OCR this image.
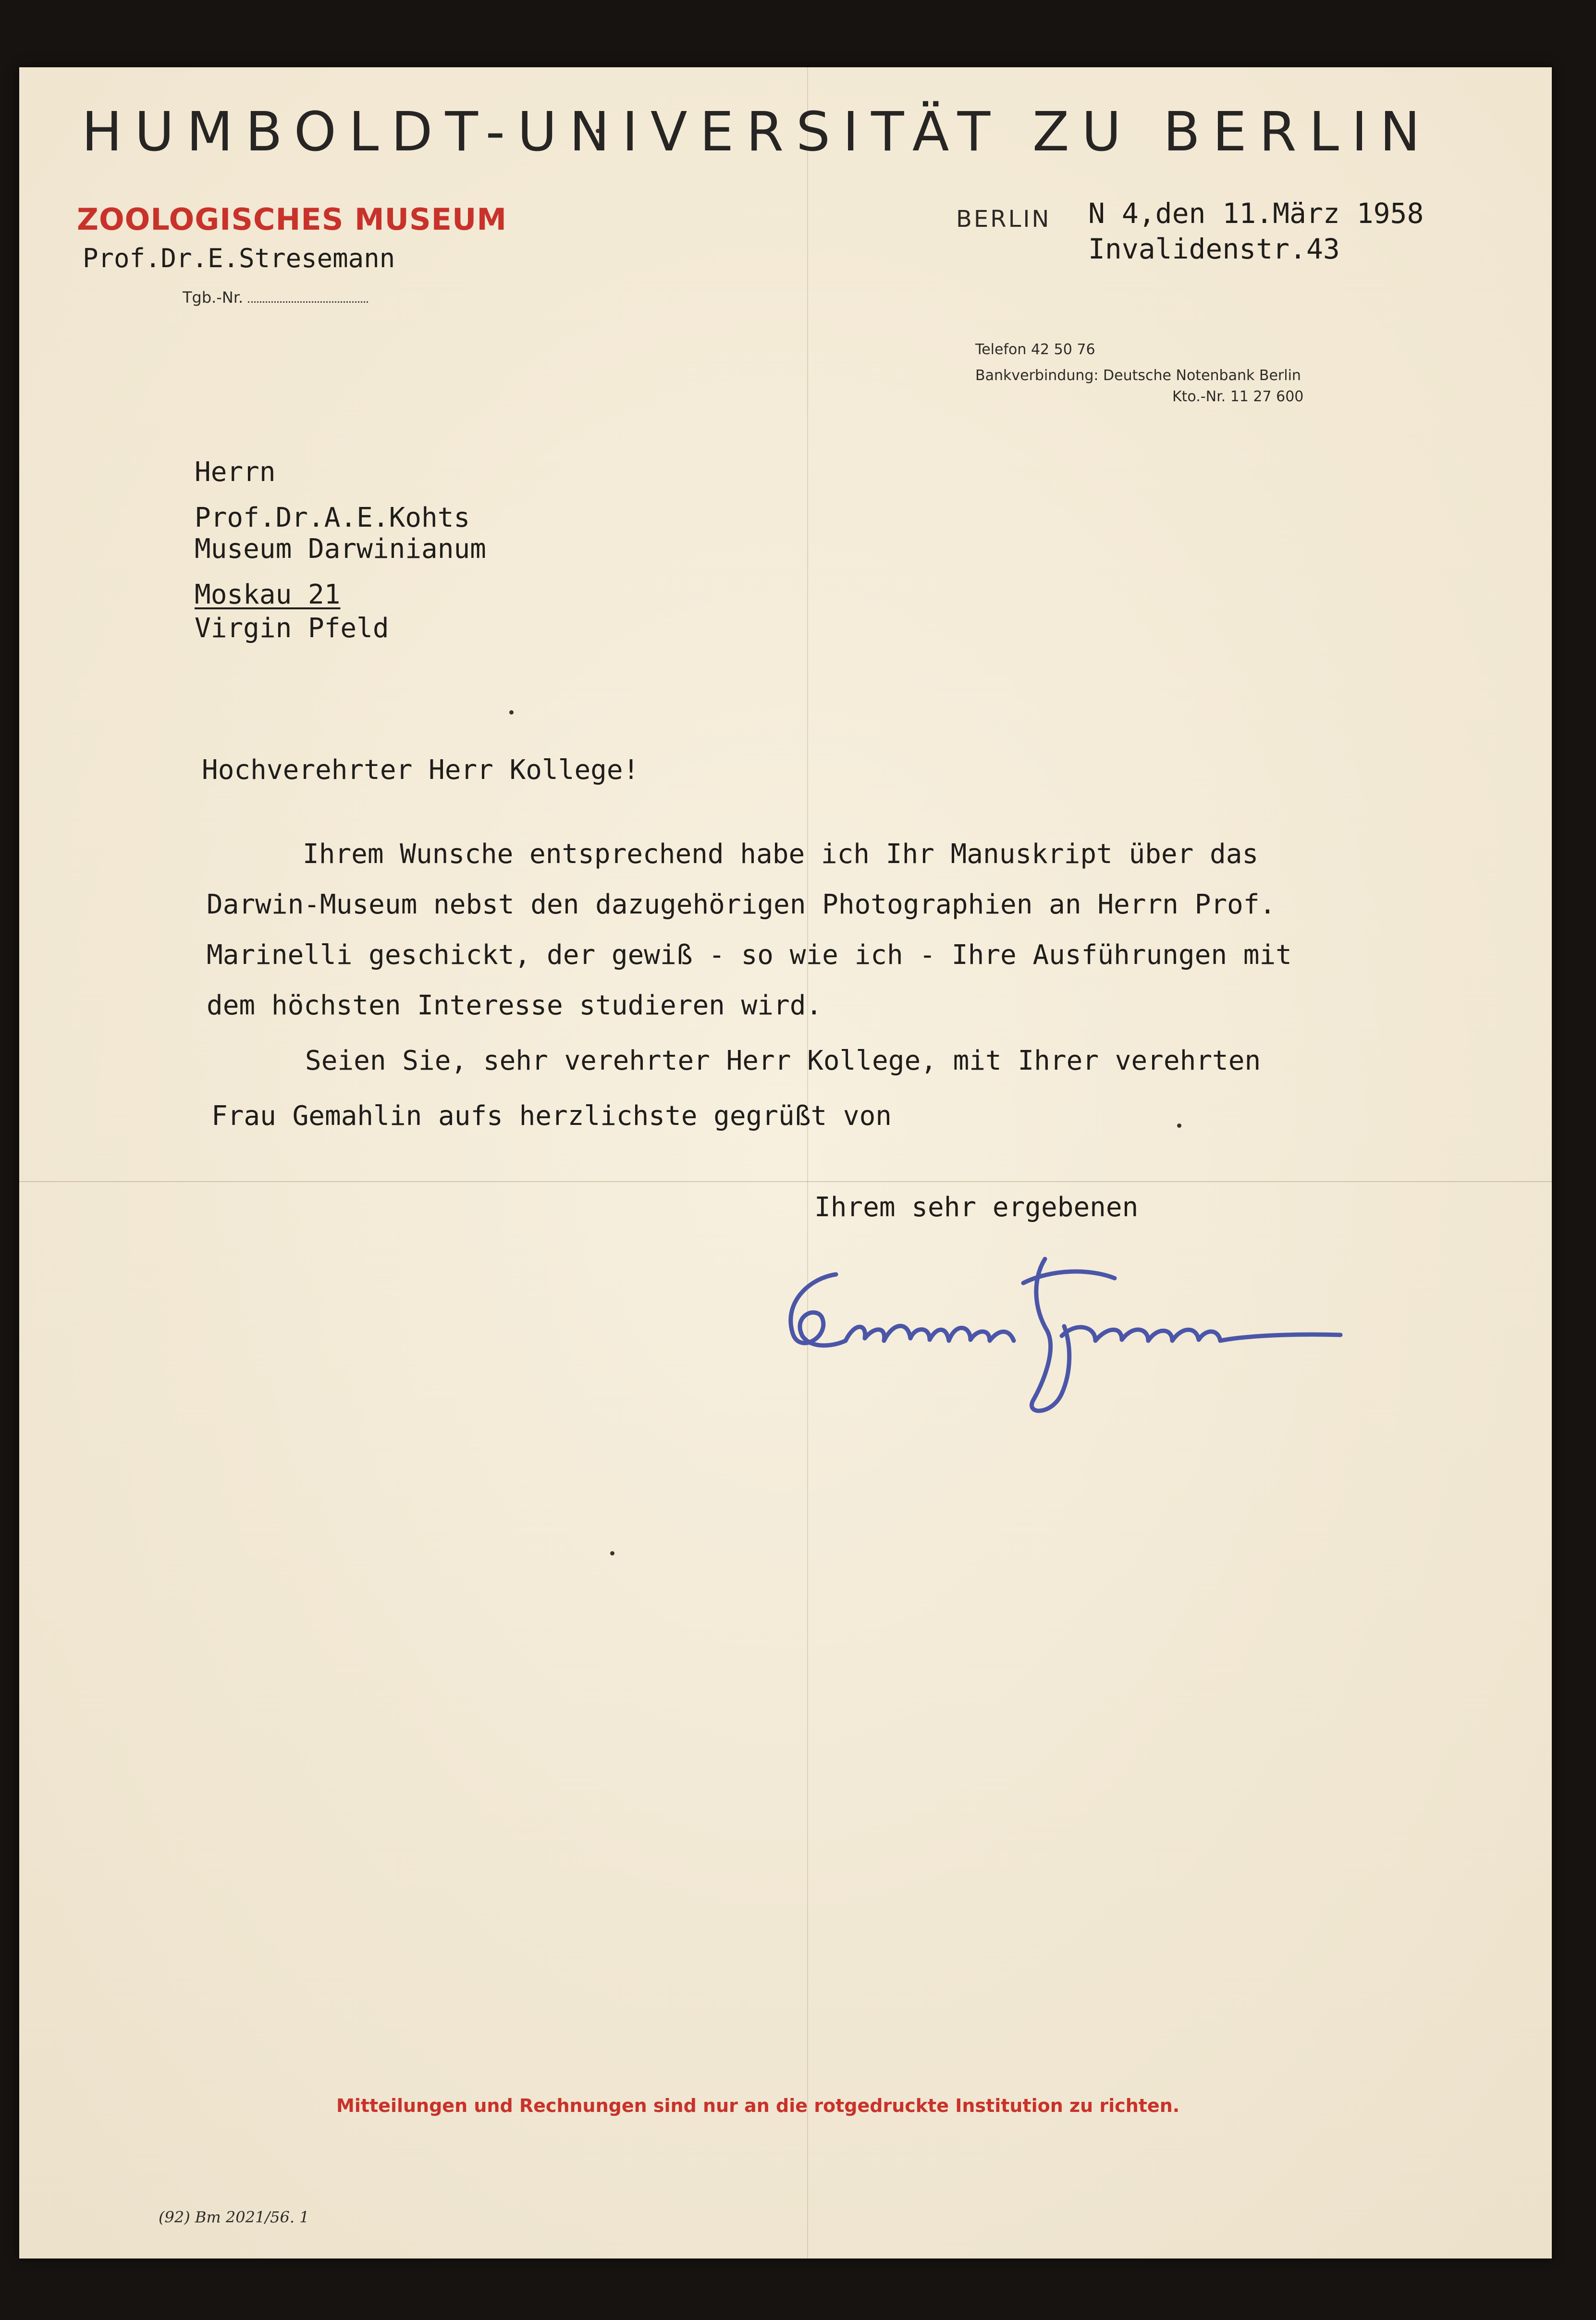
HUMBOLDT-UNIVERSITÄT ZU BERLIN
ZOOLOGISCHES MUSEUM
Prof.Dr.E.Stresemann
Tgb.-Nr.
BERLIN N 4,den 11.März 1958
Invalidenstr.43
Telefon 42 50 76
Bankverbindung: Deutsche Notenbank Berlin
Kto.-Nr. 11 27 600
Herrn
Prof.Dr.A.E.Kohts
Museum Darwinianum
Moskau 21
Virgin Pfeld
Hochverehrter Herr Kollege!
Ihrem Wunsche entsprechend habe ich Ihr Manuskript über das
Darwin-Museum nebst den dazugehörigen Photographien an Herrn Prof.
Marinelli geschickt, der gewiß - so wie ich - Ihre Ausführungen mit
dem höchsten Interesse studieren wird.
Seien Sie, sehr verehrter Herr Kollege, mit Ihrer verehrten
Frau Gemahlin aufs herzlichste gegrüßt von
Ihrem sehr ergebenen
Mitteilungen und Rechnungen sind nur an die rotgedruckte Institution zu richten.
(92) Bm 2021/56. 1
